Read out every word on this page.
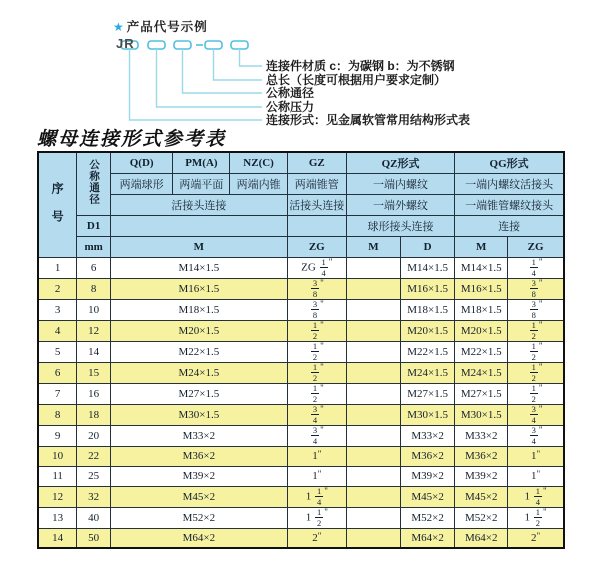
★ 产品代号示例
JR
连接件材质 c：为碳钢 b：为不锈钢
总长（长度可根据用户要求定制）
公称通径
公称压力
连接形式：见金属软管常用结构形式表
螺母连接形式参考表
序号	公称通径	Q(D)	PM(A)	NZ(C)	GZ	QZ形式		QG形式	
		两端球形	两端平面	两端内锥	两端锥管	一端内螺纹		一端内螺纹活接头	
		活接头连接			活接头连接	一端外螺纹		一端锥管螺纹接头	
	D1					球形接头连接		连接	
	mm	M			ZG	M	D	M	ZG
1	6	M14×1.5			ZG $\frac{1}{4} ^"$		M14×1.5	M14×1.5	$\frac{1}{4} ^"$
2	8	M16×1.5			$\frac{3}{8} ^"$		M16×1.5	M16×1.5	$\frac{3}{8} ^"$
3	10	M18×1.5			$\frac{3}{8} ^"$		M18×1.5	M18×1.5	$\frac{3}{8} ^"$
4	12	M20×1.5			$\frac{1}{2} ^"$		M20×1.5	M20×1.5	$\frac{1}{2} ^"$
5	14	M22×1.5			$\frac{1}{2} ^"$		M22×1.5	M22×1.5	$\frac{1}{2} ^"$
6	15	M24×1.5			$\frac{1}{2} ^"$		M24×1.5	M24×1.5	$\frac{1}{2} ^"$
7	16	M27×1.5			$\frac{1}{2} ^"$		M27×1.5	M27×1.5	$\frac{1}{2} ^"$
8	18	M30×1.5			$\frac{3}{4} ^"$		M30×1.5	M30×1.5	$\frac{3}{4} ^"$
9	20	M33×2			$\frac{3}{4} ^"$		M33×2	M33×2	$\frac{3}{4} ^"$
10	22	M36×2			1"		M36×2	M36×2	1"
11	25	M39×2			1"		M39×2	M39×2	1"
12	32	M45×2			$1 \frac{1}{4} ^"$		M45×2	M45×2	$1 \frac{1}{4} ^"$
13	40	M52×2			$1 \frac{1}{2} ^"$		M52×2	M52×2	$1 \frac{1}{2} ^"$
14	50	M64×2			2"		M64×2	M64×2	2"
